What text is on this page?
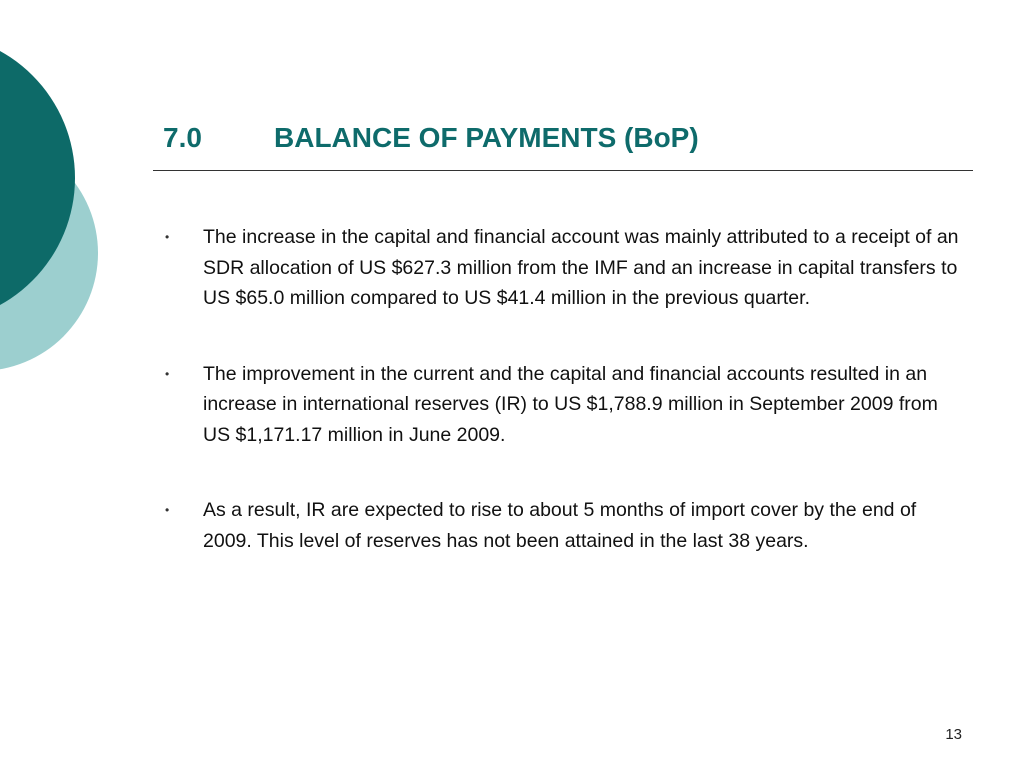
7.0	BALANCE OF PAYMENTS (BoP)
• The increase in the capital and financial account was mainly attributed to a receipt of an SDR allocation of US $627.3 million from the IMF and an increase in capital transfers to US $65.0 million compared to US $41.4 million in the previous quarter.
• The improvement in the current and the capital and financial accounts resulted in an increase in international reserves (IR) to US $1,788.9 million in September 2009 from US $1,171.17 million in June 2009.
• As a result, IR are expected to rise to about 5 months of import cover by the end of 2009. This level of reserves has not been attained in the last 38 years.
13
